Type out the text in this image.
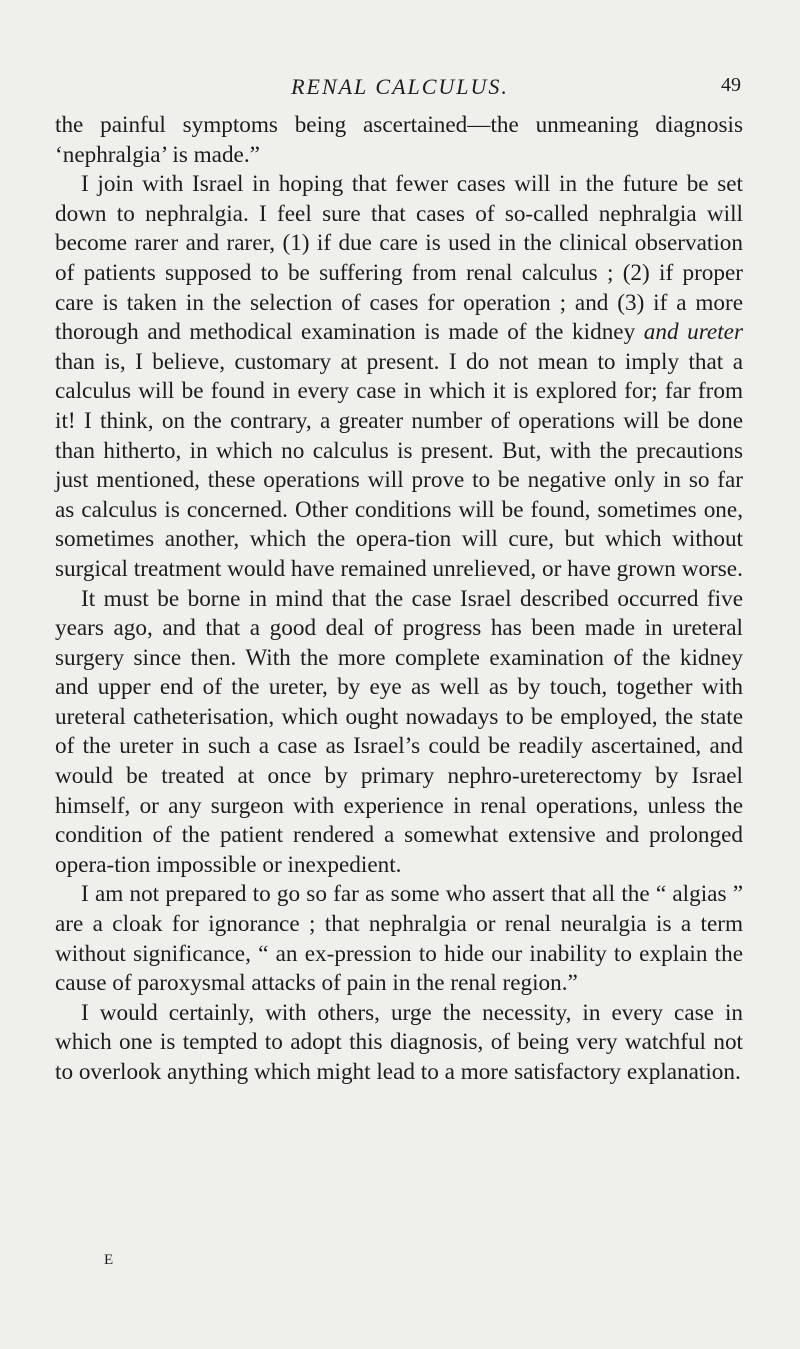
RENAL CALCULUS.	49

the painful symptoms being ascertained—the unmeaning diagnosis ‘nephralgia’ is made.”

I join with Israel in hoping that fewer cases will in the future be set down to nephralgia. I feel sure that cases of so-called nephralgia will become rarer and rarer, (1) if due care is used in the clinical observation of patients supposed to be suffering from renal calculus ; (2) if proper care is taken in the selection of cases for operation ; and (3) if a more thorough and methodical examination is made of the kidney and ureter than is, I believe, customary at present. I do not mean to imply that a calculus will be found in every case in which it is explored for; far from it! I think, on the contrary, a greater number of operations will be done than hitherto, in which no calculus is present. But, with the precautions just mentioned, these operations will prove to be negative only in so far as calculus is concerned. Other conditions will be found, sometimes one, sometimes another, which the opera-tion will cure, but which without surgical treatment would have remained unrelieved, or have grown worse.

It must be borne in mind that the case Israel described occurred five years ago, and that a good deal of progress has been made in ureteral surgery since then. With the more complete examination of the kidney and upper end of the ureter, by eye as well as by touch, together with ureteral catheterisation, which ought nowadays to be employed, the state of the ureter in such a case as Israel’s could be readily ascertained, and would be treated at once by primary nephro-ureterectomy by Israel himself, or any surgeon with experience in renal operations, unless the condition of the patient rendered a somewhat extensive and prolonged opera-tion impossible or inexpedient.

I am not prepared to go so far as some who assert that all the “ algias ” are a cloak for ignorance ; that nephralgia or renal neuralgia is a term without significance, “ an ex-pression to hide our inability to explain the cause of paroxysmal attacks of pain in the renal region.”

I would certainly, with others, urge the necessity, in every case in which one is tempted to adopt this diagnosis, of being very watchful not to overlook anything which might lead to a more satisfactory explanation.

E
